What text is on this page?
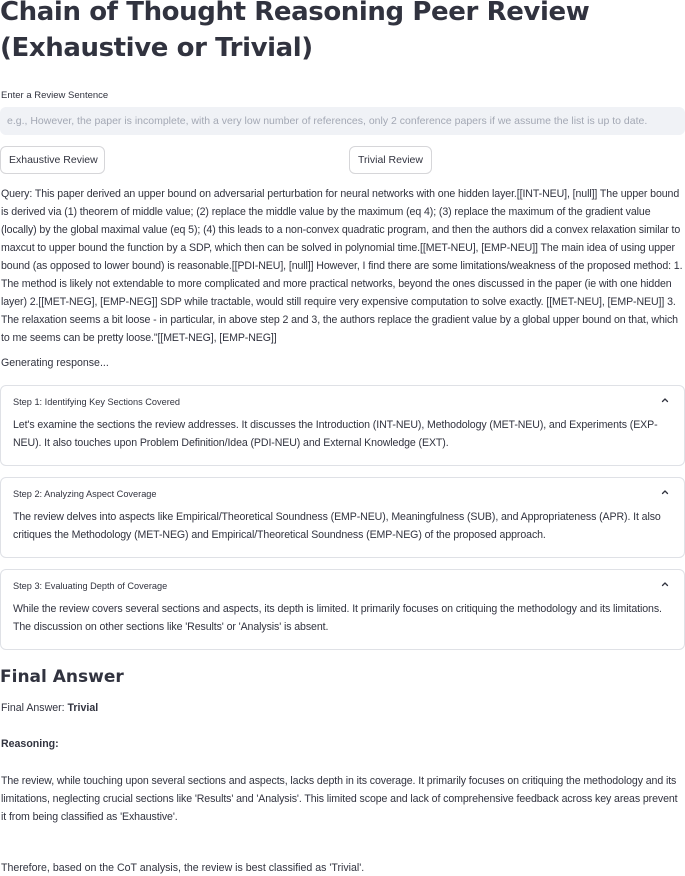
Chain of Thought Reasoning Peer Review (Exhaustive or Trivial)
Enter a Review Sentence
e.g., However, the paper is incomplete, with a very low number of references, only 2 conference papers if we assume the list is up to date.
Exhaustive Review	Trivial Review

Query: This paper derived an upper bound on adversarial perturbation for neural networks with one hidden layer.[[INT-NEU], [null]] The upper bound is derived via (1) theorem of middle value; (2) replace the middle value by the maximum (eq 4); (3) replace the maximum of the gradient value (locally) by the global maximal value (eq 5); (4) this leads to a non-convex quadratic program, and then the authors did a convex relaxation similar to maxcut to upper bound the function by a SDP, which then can be solved in polynomial time.[[MET-NEU], [EMP-NEU]] The main idea of using upper bound (as opposed to lower bound) is reasonable.[[PDI-NEU], [null]] However, I find there are some limitations/weakness of the proposed method: 1. The method is likely not extendable to more complicated and more practical networks, beyond the ones discussed in the paper (ie with one hidden layer) 2.[[MET-NEG], [EMP-NEG]] SDP while tractable, would still require very expensive computation to solve exactly. [[MET-NEU], [EMP-NEU]] 3. The relaxation seems a bit loose - in particular, in above step 2 and 3, the authors replace the gradient value by a global upper bound on that, which to me seems can be pretty loose."[[MET-NEG], [EMP-NEG]]

Generating response...
Step 1: Identifying Key Sections Covered

Let's examine the sections the review addresses. It discusses the Introduction (INT-NEU), Methodology (MET-NEU), and Experiments (EXP-NEU). It also touches upon Problem Definition/Idea (PDI-NEU) and External Knowledge (EXT).

Step 2: Analyzing Aspect Coverage

The review delves into aspects like Empirical/Theoretical Soundness (EMP-NEU), Meaningfulness (SUB), and Appropriateness (APR). It also critiques the Methodology (MET-NEG) and Empirical/Theoretical Soundness (EMP-NEG) of the proposed approach.

Step 3: Evaluating Depth of Coverage

While the review covers several sections and aspects, its depth is limited. It primarily focuses on critiquing the methodology and its limitations. The discussion on other sections like 'Results' or 'Analysis' is absent.

Final Answer
Final Answer: Trivial
Reasoning:

The review, while touching upon several sections and aspects, lacks depth in its coverage. It primarily focuses on critiquing the methodology and its limitations, neglecting crucial sections like 'Results' and 'Analysis'. This limited scope and lack of comprehensive feedback across key areas prevent it from being classified as 'Exhaustive'.

Therefore, based on the CoT analysis, the review is best classified as 'Trivial'.
